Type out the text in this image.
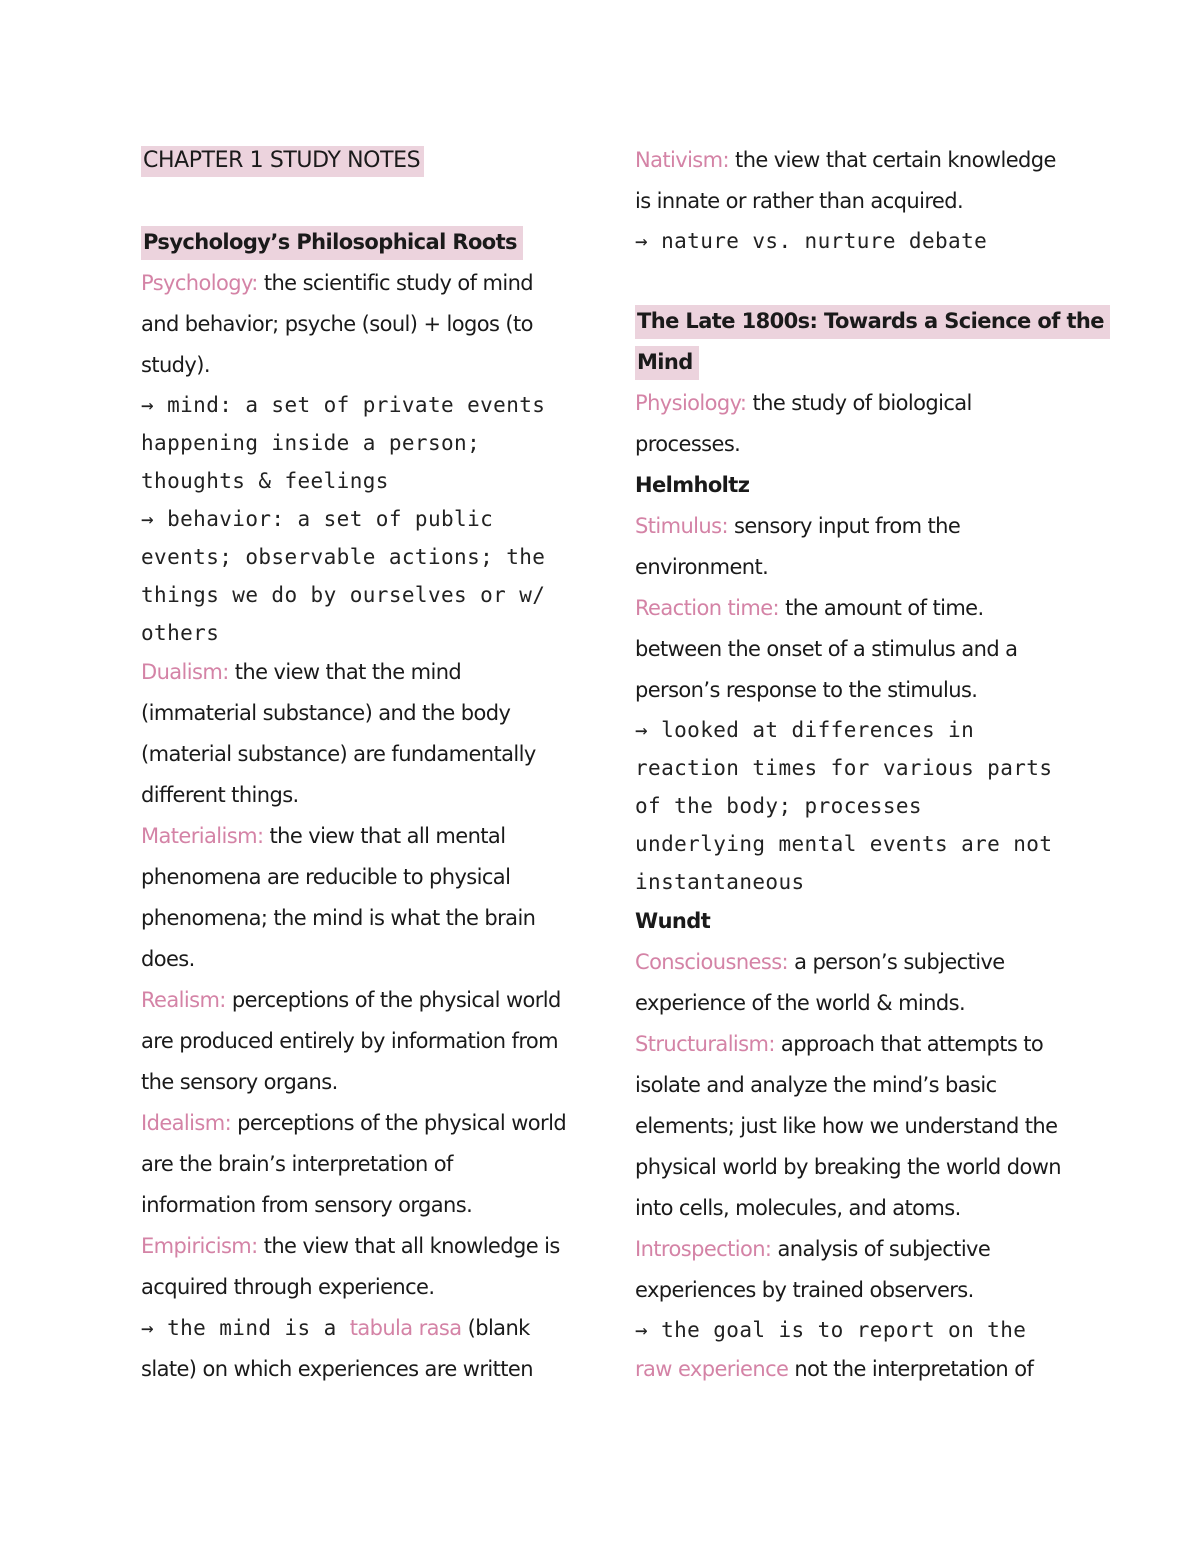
CHAPTER 1 STUDY NOTES
Psychology’s Philosophical Roots
Psychology: the scientific study of mind
and behavior; psyche (soul) + logos (to
study).
→ mind: a set of private events
happening inside a person;
thoughts & feelings
→ behavior: a set of public
events; observable actions; the
things we do by ourselves or w/
others
Dualism: the view that the mind
(immaterial substance) and the body
(material substance) are fundamentally
different things.
Materialism: the view that all mental
phenomena are reducible to physical
phenomena; the mind is what the brain
does.
Realism: perceptions of the physical world
are produced entirely by information from
the sensory organs.
Idealism: perceptions of the physical world
are the brain’s interpretation of
information from sensory organs.
Empiricism: the view that all knowledge is
acquired through experience.
→ the mind is a tabula rasa (blank
slate) on which experiences are written
Nativism: the view that certain knowledge
is innate or rather than acquired.
→ nature vs. nurture debate
The Late 1800s: Towards a Science of the
Mind
Physiology: the study of biological
processes.
Helmholtz
Stimulus: sensory input from the
environment.
Reaction time: the amount of time.
between the onset of a stimulus and a
person’s response to the stimulus.
→ looked at differences in
reaction times for various parts
of the body; processes
underlying mental events are not
instantaneous
Wundt
Consciousness: a person’s subjective
experience of the world & minds.
Structuralism: approach that attempts to
isolate and analyze the mind’s basic
elements; just like how we understand the
physical world by breaking the world down
into cells, molecules, and atoms.
Introspection: analysis of subjective
experiences by trained observers.
→ the goal is to report on the
raw experience not the interpretation of
